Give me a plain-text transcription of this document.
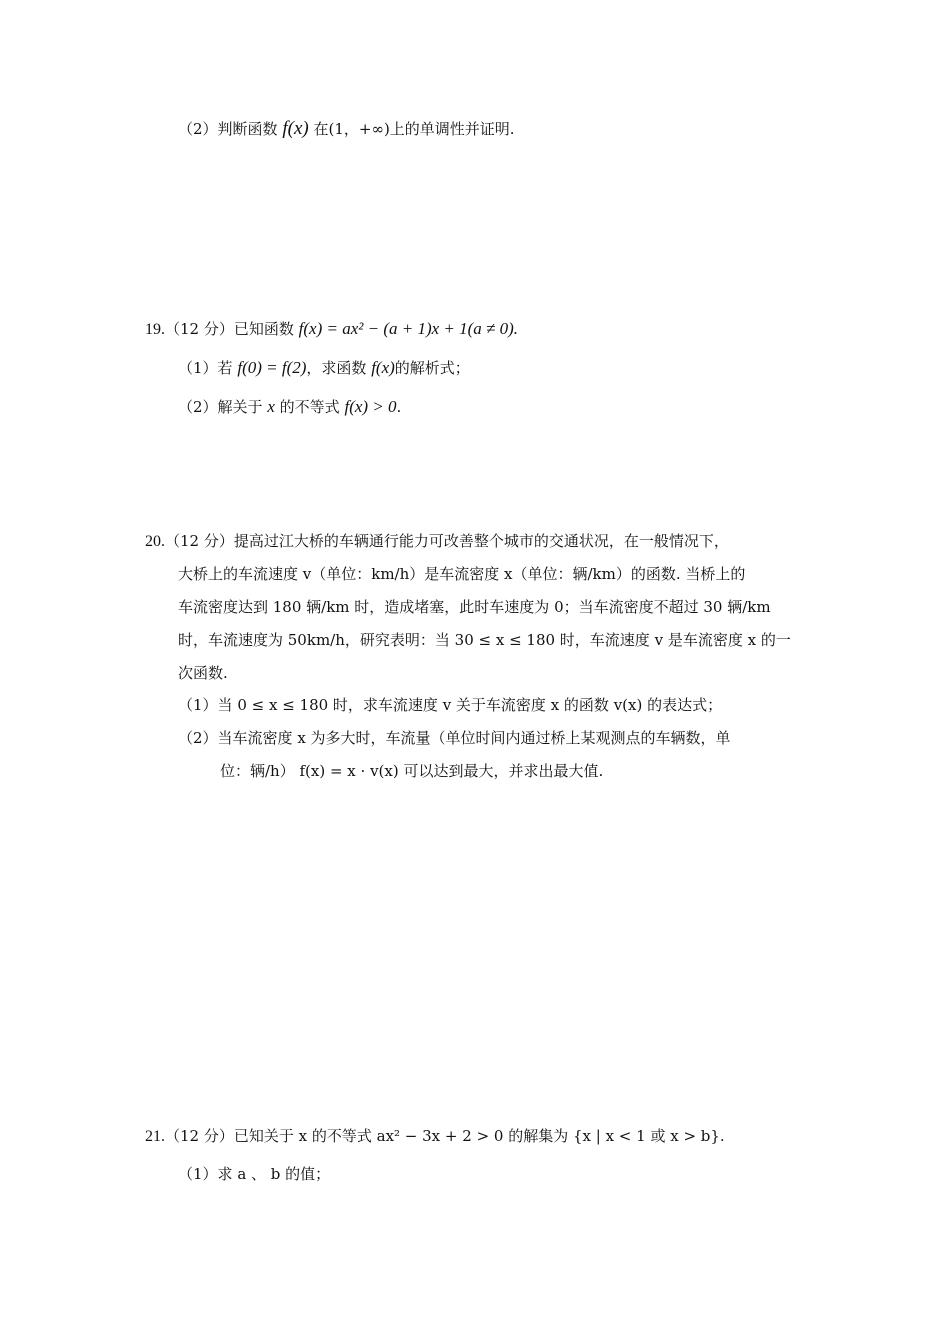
（2）判断函数 f(x) 在(1，+∞)上的单调性并证明.
19.（12 分）已知函数 f(x) = ax² − (a + 1)x + 1(a ≠ 0).
（1）若 f(0) = f(2)，求函数 f(x)的解析式；
（2）解关于 x 的不等式 f(x) > 0.
20.（12 分）提高过江大桥的车辆通行能力可改善整个城市的交通状况，在一般情况下，
大桥上的车流速度 v（单位：km/h）是车流密度 x（单位：辆/km）的函数. 当桥上的
车流密度达到 180 辆/km 时，造成堵塞，此时车速度为 0；当车流密度不超过 30 辆/km
时，车流速度为 50km/h，研究表明：当 30 ≤ x ≤ 180 时，车流速度 v 是车流密度 x 的一
次函数.
（1）当 0 ≤ x ≤ 180 时，求车流速度 v 关于车流密度 x 的函数 v(x) 的表达式；
（2）当车流密度 x 为多大时，车流量（单位时间内通过桥上某观测点的车辆数，单
位：辆/h） f(x) = x · v(x) 可以达到最大，并求出最大值.
21.（12 分）已知关于 x 的不等式 ax² − 3x + 2 > 0 的解集为 {x | x < 1 或 x > b}.
（1）求 a 、 b 的值；
